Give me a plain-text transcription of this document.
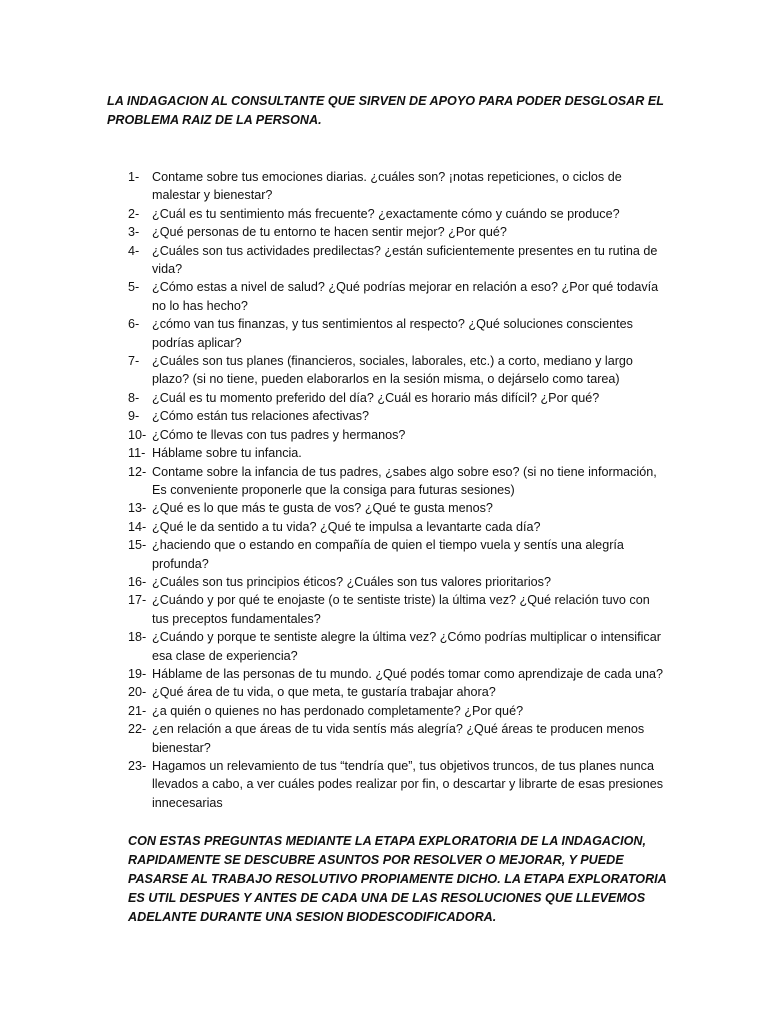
LA INDAGACION AL CONSULTANTE QUE SIRVEN DE APOYO PARA PODER DESGLOSAR EL PROBLEMA RAIZ DE LA PERSONA.

1-	Contame sobre tus emociones diarias. ¿cuáles son? ¡notas repeticiones, o ciclos de malestar y bienestar?
2-	¿Cuál es tu sentimiento más frecuente? ¿exactamente cómo y cuándo se produce?
3-	¿Qué personas de tu entorno te hacen sentir mejor? ¿Por qué?
4-	¿Cuáles son tus actividades predilectas? ¿están suficientemente presentes en tu rutina de vida?
5-	¿Cómo estas a nivel de salud? ¿Qué podrías mejorar en relación a eso? ¿Por qué todavía no lo has hecho?
6-	¿cómo van tus finanzas, y tus sentimientos al respecto? ¿Qué soluciones conscientes podrías aplicar?
7-	¿Cuáles son tus planes (financieros, sociales, laborales, etc.) a corto, mediano y largo plazo? (si no tiene, pueden elaborarlos en la sesión misma, o dejárselo como tarea)
8-	¿Cuál es tu momento preferido del día? ¿Cuál es horario más difícil? ¿Por qué?
9-	¿Cómo están tus relaciones afectivas?
10- ¿Cómo te llevas con tus padres y hermanos?
11- Háblame sobre tu infancia.
12- Contame sobre la infancia de tus padres, ¿sabes algo sobre eso? (si no tiene información, Es conveniente proponerle que la consiga para futuras sesiones)
13- ¿Qué es lo que más te gusta de vos? ¿Qué te gusta menos?
14- ¿Qué le da sentido a tu vida? ¿Qué te impulsa a levantarte cada día?
15- ¿haciendo que o estando en compañía de quien el tiempo vuela y sentís una alegría profunda?
16- ¿Cuáles son tus principios éticos? ¿Cuáles son tus valores prioritarios?
17- ¿Cuándo y por qué te enojaste (o te sentiste triste) la última vez? ¿Qué relación tuvo con tus preceptos fundamentales?
18- ¿Cuándo y porque te sentiste alegre la última vez? ¿Cómo podrías multiplicar o intensificar esa clase de experiencia?
19- Háblame de las personas de tu mundo. ¿Qué podés tomar como aprendizaje de cada una?
20- ¿Qué área de tu vida, o que meta, te gustaría trabajar ahora?
21- ¿a quién o quienes no has perdonado completamente? ¿Por qué?
22- ¿en relación a que áreas de tu vida sentís más alegría? ¿Qué áreas te producen menos bienestar?
23- Hagamos un relevamiento de tus “tendría que”, tus objetivos truncos, de tus planes nunca llevados a cabo, a ver cuáles podes realizar por fin, o descartar y librarte de esas presiones innecesarias

CON ESTAS PREGUNTAS MEDIANTE LA ETAPA EXPLORATORIA DE LA INDAGACION, RAPIDAMENTE SE DESCUBRE ASUNTOS POR RESOLVER O MEJORAR, Y PUEDE PASARSE AL TRABAJO RESOLUTIVO PROPIAMENTE DICHO. LA ETAPA EXPLORATORIA ES UTIL DESPUES Y ANTES DE CADA UNA DE LAS RESOLUCIONES QUE LLEVEMOS ADELANTE DURANTE UNA SESION BIODESCODIFICADORA.
